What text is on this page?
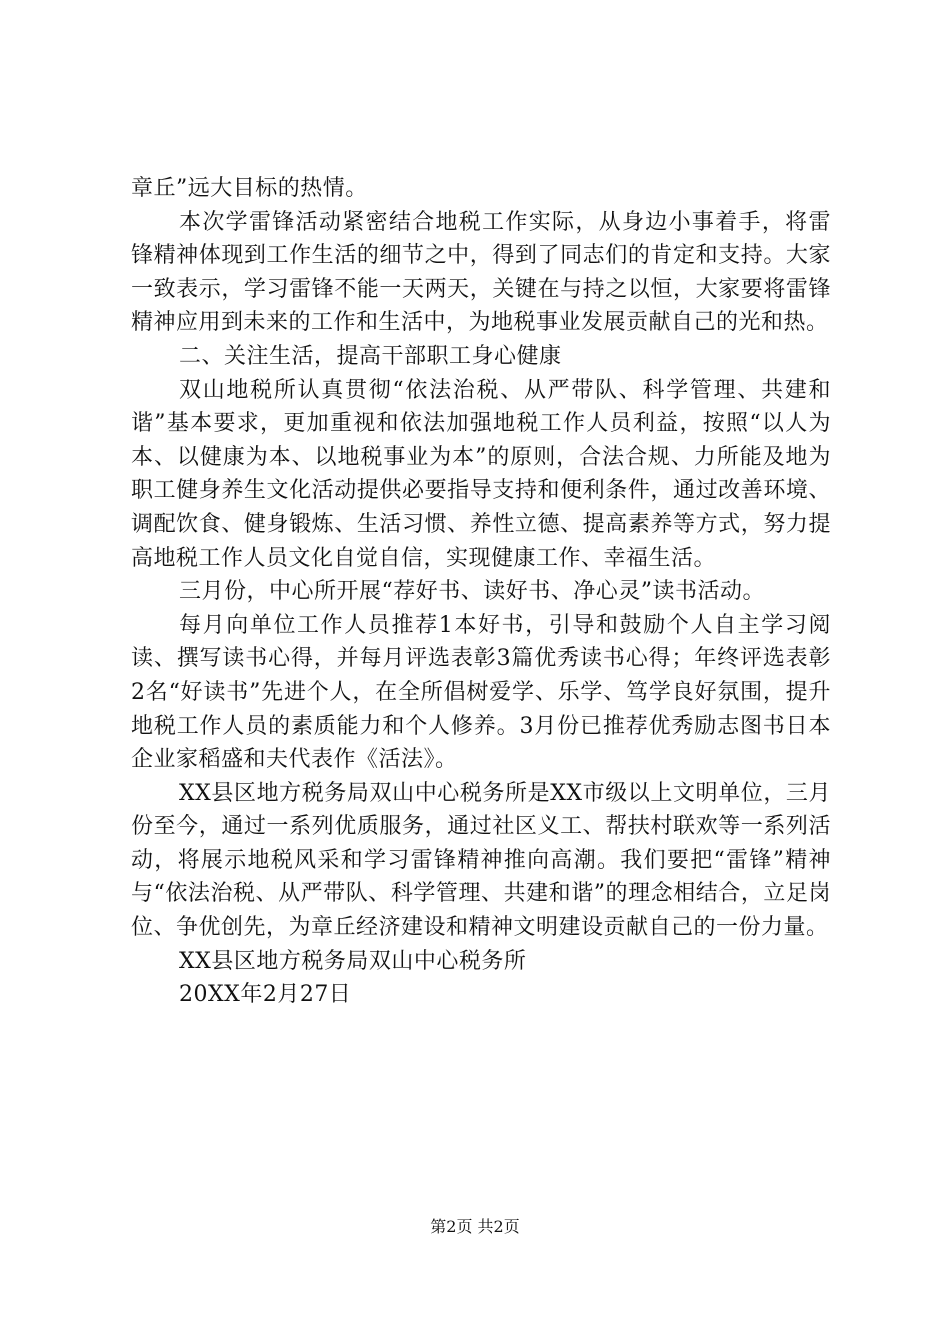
章丘”远大目标的热情。

本次学雷锋活动紧密结合地税工作实际，从身边小事着手，将雷锋精神体现到工作生活的细节之中，得到了同志们的肯定和支持。大家一致表示，学习雷锋不能一天两天，关键在与持之以恒，大家要将雷锋精神应用到未来的工作和生活中，为地税事业发展贡献自己的光和热。

二、关注生活，提高干部职工身心健康

双山地税所认真贯彻“依法治税、从严带队、科学管理、共建和谐”基本要求，更加重视和依法加强地税工作人员利益，按照“以人为本、以健康为本、以地税事业为本”的原则，合法合规、力所能及地为职工健身养生文化活动提供必要指导支持和便利条件，通过改善环境、调配饮食、健身锻炼、生活习惯、养性立德、提高素养等方式，努力提高地税工作人员文化自觉自信，实现健康工作、幸福生活。

三月份，中心所开展“荐好书、读好书、净心灵”读书活动。

每月向单位工作人员推荐1本好书，引导和鼓励个人自主学习阅读、撰写读书心得，并每月评选表彰3篇优秀读书心得；年终评选表彰2名“好读书”先进个人，在全所倡树爱学、乐学、笃学良好氛围，提升地税工作人员的素质能力和个人修养。3月份已推荐优秀励志图书日本企业家稻盛和夫代表作《活法》。

XX县区地方税务局双山中心税务所是XX市级以上文明单位，三月份至今，通过一系列优质服务，通过社区义工、帮扶村联欢等一系列活动，将展示地税风采和学习雷锋精神推向高潮。我们要把“雷锋”精神与“依法治税、从严带队、科学管理、共建和谐”的理念相结合，立足岗位、争优创先，为章丘经济建设和精神文明建设贡献自己的一份力量。

XX县区地方税务局双山中心税务所

20XX年2月27日

第2页 共2页
